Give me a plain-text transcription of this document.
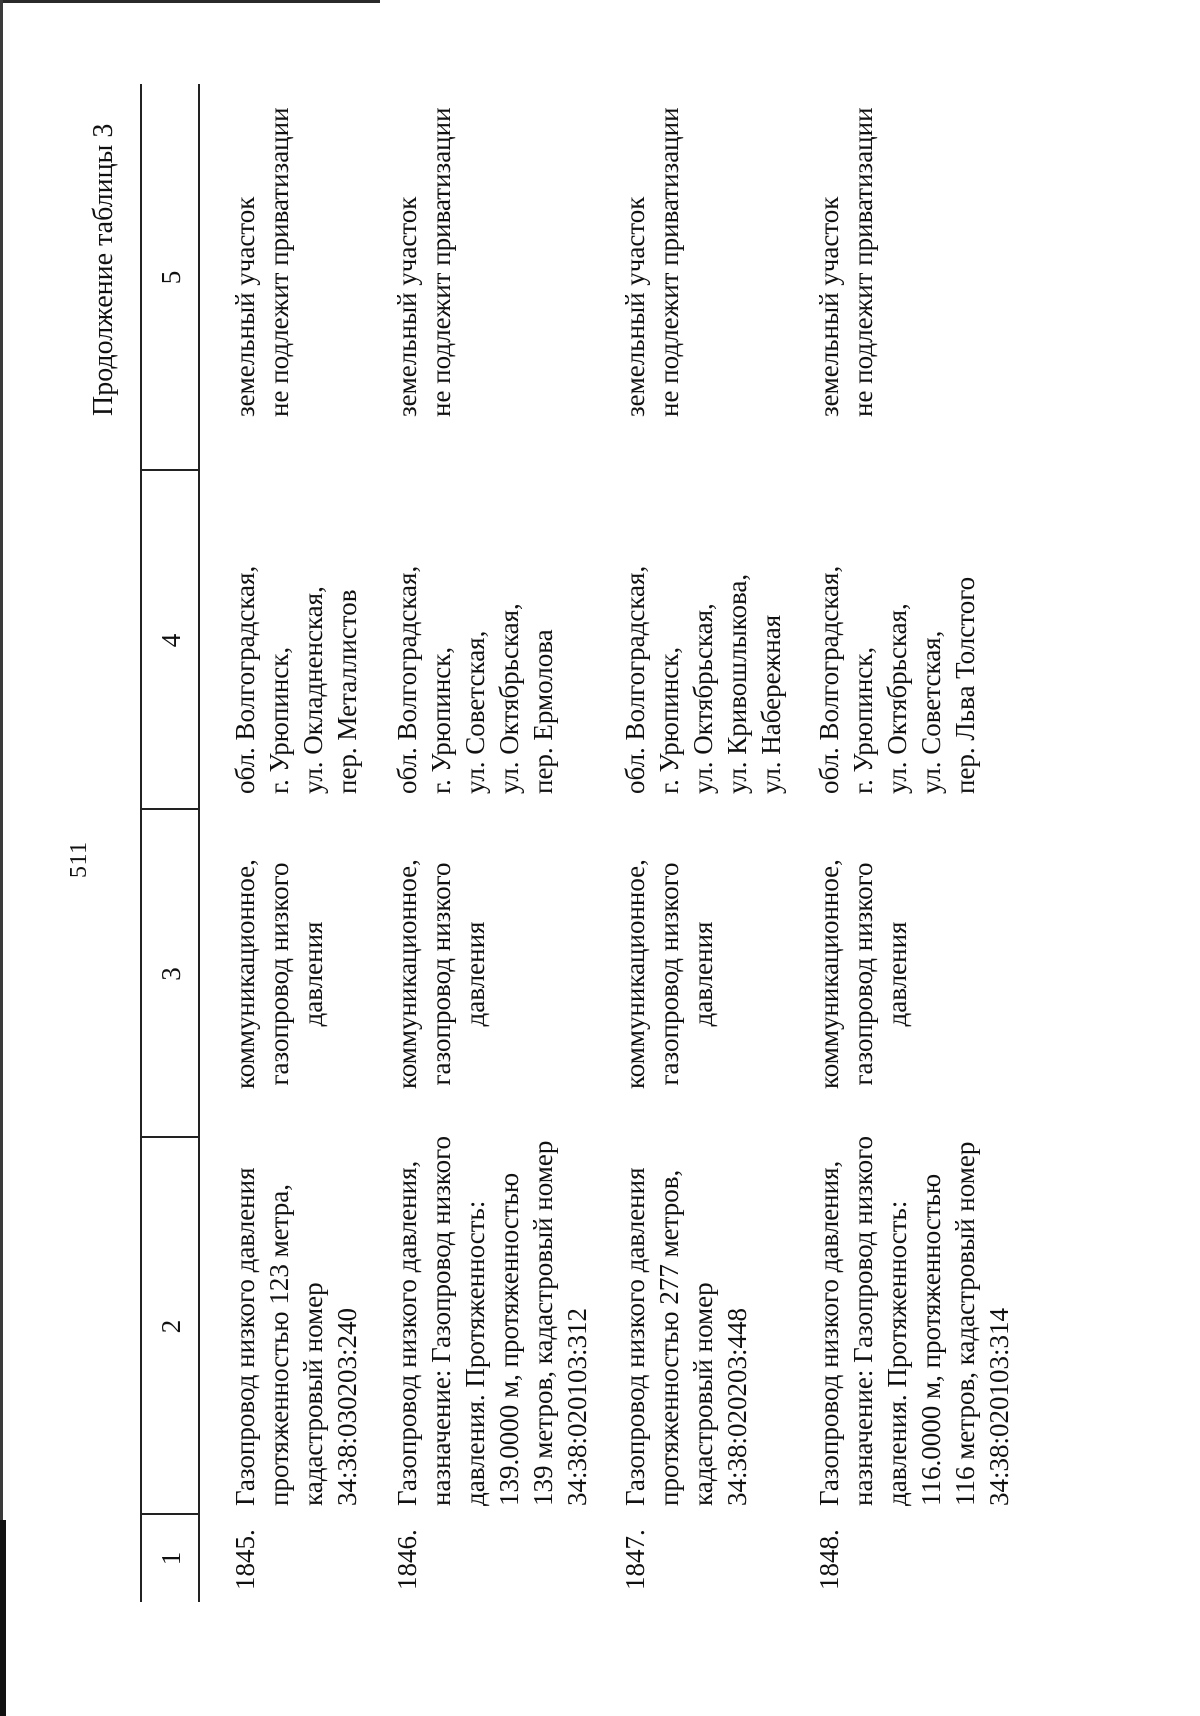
511
Продолжение таблицы 3
1
2
3
4
5
1845.
Газопровод низкого давления протяженностью 123 метра, кадастровый номер 34:38:030203:240
коммуникационное, газопровод низкого давления
обл. Волгоградская, г. Урюпинск, ул. Окладненская, пер. Металлистов
земельный участок не подлежит приватизации
1846.
Газопровод низкого давления, назначение: Газопровод низкого давления. Протяженность: 139.0000 м, протяженностью 139 метров, кадастровый номер 34:38:020103:312
коммуникационное, газопровод низкого давления
обл. Волгоградская, г. Урюпинск, ул. Советская, ул. Октябрьская, пер. Ермолова
земельный участок не подлежит приватизации
1847.
Газопровод низкого давления протяженностью 277 метров, кадастровый номер 34:38:020203:448
коммуникационное, газопровод низкого давления
обл. Волгоградская, г. Урюпинск, ул. Октябрьская, ул. Кривошлыкова, ул. Набережная
земельный участок не подлежит приватизации
1848.
Газопровод низкого давления, назначение: Газопровод низкого давления. Протяженность: 116.0000 м, протяженностью 116 метров, кадастровый номер 34:38:020103:314
коммуникационное, газопровод низкого давления
обл. Волгоградская, г. Урюпинск, ул. Октябрьская, ул. Советская, пер. Льва Толстого
земельный участок не подлежит приватизации
